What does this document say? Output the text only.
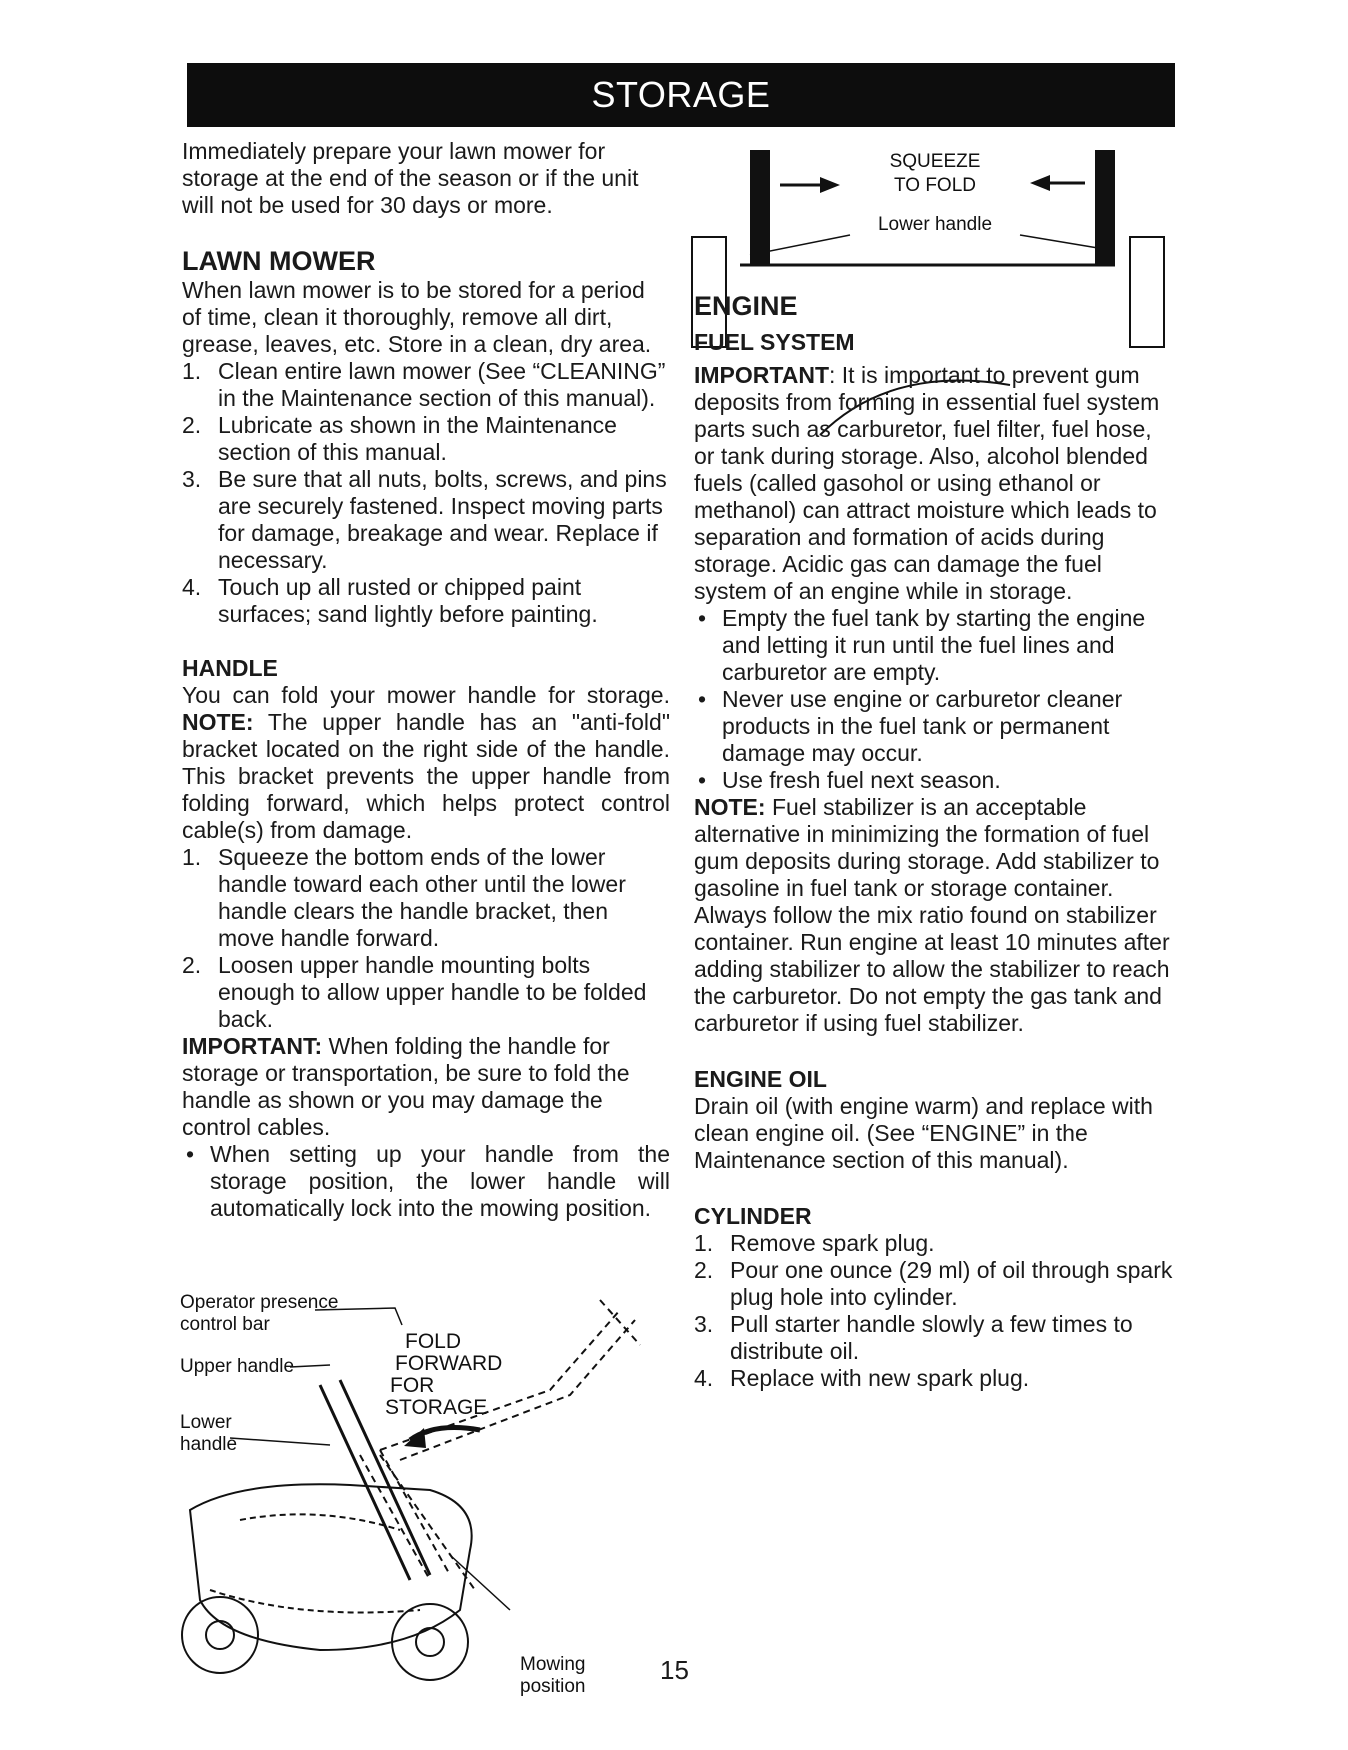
STORAGE

Immediately prepare your lawn mower for storage at the end of the season or if the unit will not be used for 30 days or more.

LAWN MOWER

When lawn mower is to be stored for a period of time, clean it thoroughly, remove all dirt, grease, leaves, etc. Store in a clean, dry area.

1. Clean entire lawn mower (See “CLEANING” in the Maintenance section of this manual).
2. Lubricate as shown in the Maintenance section of this manual.
3. Be sure that all nuts, bolts, screws, and pins are securely fastened. Inspect moving parts for damage, breakage and wear. Replace if necessary.
4. Touch up all rusted or chipped paint surfaces; sand lightly before painting.
HANDLE

You can fold your mower handle for storage. NOTE: The upper handle has an "anti-fold" bracket located on the right side of the handle. This bracket prevents the upper handle from folding forward, which helps protect control cable(s) from damage.

1. Squeeze the bottom ends of the lower handle toward each other until the lower handle clears the handle bracket, then move handle forward.
2. Loosen upper handle mounting bolts enough to allow upper handle to be folded back.

IMPORTANT: When folding the handle for storage or transportation, be sure to fold the handle as shown or you may damage the control cables.

• When setting up your handle from the storage position, the lower handle will automatically lock into the mowing position.
Operator presence
control bar
Upper handle
Lower
handle
Mowing
position
FOLD
FORWARD
FOR
STORAGE
SQUEEZE
TO FOLD
Lower handle
ENGINE
FUEL SYSTEM

IMPORTANT: It is important to prevent gum deposits from forming in essential fuel system parts such as carburetor, fuel filter, fuel hose, or tank during storage. Also, alcohol blended fuels (called gasohol or using ethanol or methanol) can attract moisture which leads to separation and formation of acids during storage. Acidic gas can damage the fuel system of an engine while in storage.

• Empty the fuel tank by starting the engine and letting it run until the fuel lines and carburetor are empty.
• Never use engine or carburetor cleaner products in the fuel tank or permanent damage may occur.
• Use fresh fuel next season.

NOTE: Fuel stabilizer is an acceptable alternative in minimizing the formation of fuel gum deposits during storage. Add stabilizer to gasoline in fuel tank or storage container. Always follow the mix ratio found on stabilizer container. Run engine at least 10 minutes after adding stabilizer to allow the stabilizer to reach the carburetor. Do not empty the gas tank and carburetor if using fuel stabilizer.

ENGINE OIL

Drain oil (with engine warm) and replace with clean engine oil. (See “ENGINE” in the Maintenance section of this manual).

CYLINDER
1. Remove spark plug.
2. Pour one ounce (29 ml) of oil through spark plug hole into cylinder.
3. Pull starter handle slowly a few times to distribute oil.
4. Replace with new spark plug.
15
